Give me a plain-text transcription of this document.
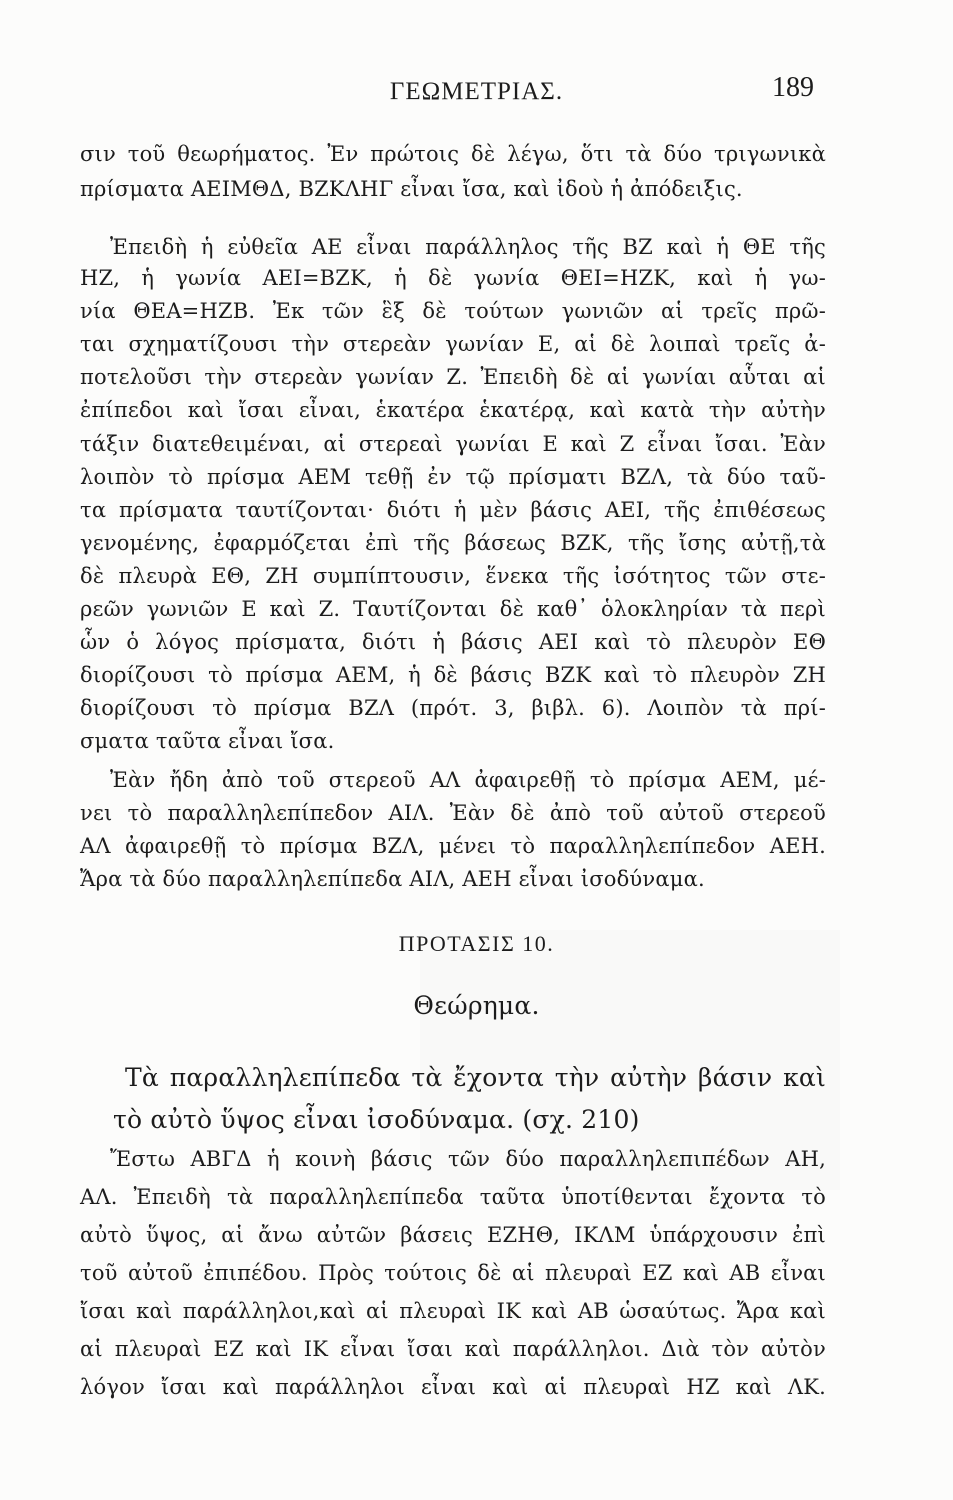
ΓΕΩΜΕΤΡΙΑΣ.	189
σιν τοῦ θεωρήματος. Ἐν πρώτοις δὲ λέγω, ὅτι τὰ δύο τριγωνικὰ
πρίσματα ΑΕΙΜΘΔ, ΒΖΚΛΗΓ εἶναι ἴσα, καὶ ἰδοὺ ἡ ἀπόδειξις.
Ἐπειδὴ ἡ εὐθεῖα ΑΕ εἶναι παράλληλος τῆς ΒΖ καὶ ἡ ΘΕ τῆς
ΗΖ, ἡ γωνία ΑΕΙ=ΒΖΚ, ἡ δὲ γωνία ΘΕΙ=ΗΖΚ, καὶ ἡ γω-
νία ΘΕΑ=ΗΖΒ. Ἐκ τῶν ἓξ δὲ τούτων γωνιῶν αἱ τρεῖς πρῶ-
ται σχηματίζουσι τὴν στερεὰν γωνίαν Ε, αἱ δὲ λοιπαὶ τρεῖς ἀ-
ποτελοῦσι τὴν στερεὰν γωνίαν Ζ. Ἐπειδὴ δὲ αἱ γωνίαι αὗται αἱ
ἐπίπεδοι καὶ ἴσαι εἶναι, ἑκατέρα ἑκατέρᾳ, καὶ κατὰ τὴν αὐτὴν
τάξιν διατεθειμέναι, αἱ στερεαὶ γωνίαι Ε καὶ Ζ εἶναι ἴσαι. Ἐὰν
λοιπὸν τὸ πρίσμα ΑΕΜ τεθῇ ἐν τῷ πρίσματι ΒΖΛ, τὰ δύο ταῦ-
τα πρίσματα ταυτίζονται· διότι ἡ μὲν βάσις ΑΕΙ, τῆς ἐπιθέσεως
γενομένης, ἐφαρμόζεται ἐπὶ τῆς βάσεως ΒΖΚ, τῆς ἴσης αὐτῇ,τὰ
δὲ πλευρὰ ΕΘ, ΖΗ συμπίπτουσιν, ἕνεκα τῆς ἰσότητος τῶν στε-
ρεῶν γωνιῶν Ε καὶ Ζ. Ταυτίζονται δὲ καθ᾽ ὁλοκληρίαν τὰ περὶ
ὧν ὁ λόγος πρίσματα, διότι ἡ βάσις ΑΕΙ καὶ τὸ πλευρὸν ΕΘ
διορίζουσι τὸ πρίσμα ΑΕΜ, ἡ δὲ βάσις ΒΖΚ καὶ τὸ πλευρὸν ΖΗ
διορίζουσι τὸ πρίσμα ΒΖΛ (πρότ. 3, βιβλ. 6). Λοιπὸν τὰ πρί-
σματα ταῦτα εἶναι ἴσα.
Ἐὰν ἤδη ἀπὸ τοῦ στερεοῦ ΑΛ ἀφαιρεθῇ τὸ πρίσμα ΑΕΜ, μέ-
νει τὸ παραλληλεπίπεδον ΑΙΛ. Ἐὰν δὲ ἀπὸ τοῦ αὐτοῦ στερεοῦ
ΑΛ ἀφαιρεθῇ τὸ πρίσμα ΒΖΛ, μένει τὸ παραλληλεπίπεδον ΑΕΗ.
Ἄρα τὰ δύο παραλληλεπίπεδα ΑΙΛ, ΑΕΗ εἶναι ἰσοδύναμα.
ΠΡΟΤΑΣΙΣ 10.
Θεώρημα.
Τὰ παραλληλεπίπεδα τὰ ἔχοντα τὴν αὐτὴν βάσιν καὶ
τὸ αὐτὸ ὕψος εἶναι ἰσοδύναμα. (σχ. 210)
Ἔστω ΑΒΓΔ ἡ κοινὴ βάσις τῶν δύο παραλληλεπιπέδων ΑΗ,
ΑΛ. Ἐπειδὴ τὰ παραλληλεπίπεδα ταῦτα ὑποτίθενται ἔχοντα τὸ
αὐτὸ ὕψος, αἱ ἄνω αὐτῶν βάσεις ΕΖΗΘ, ΙΚΛΜ ὑπάρχουσιν ἐπὶ
τοῦ αὐτοῦ ἐπιπέδου. Πρὸς τούτοις δὲ αἱ πλευραὶ ΕΖ καὶ ΑΒ εἶναι
ἴσαι καὶ παράλληλοι,καὶ αἱ πλευραὶ ΙΚ καὶ ΑΒ ὡσαύτως. Ἄρα καὶ
αἱ πλευραὶ ΕΖ καὶ ΙΚ εἶναι ἴσαι καὶ παράλληλοι. Διὰ τὸν αὐτὸν
λόγον ἴσαι καὶ παράλληλοι εἶναι καὶ αἱ πλευραὶ ΗΖ καὶ ΛΚ.
